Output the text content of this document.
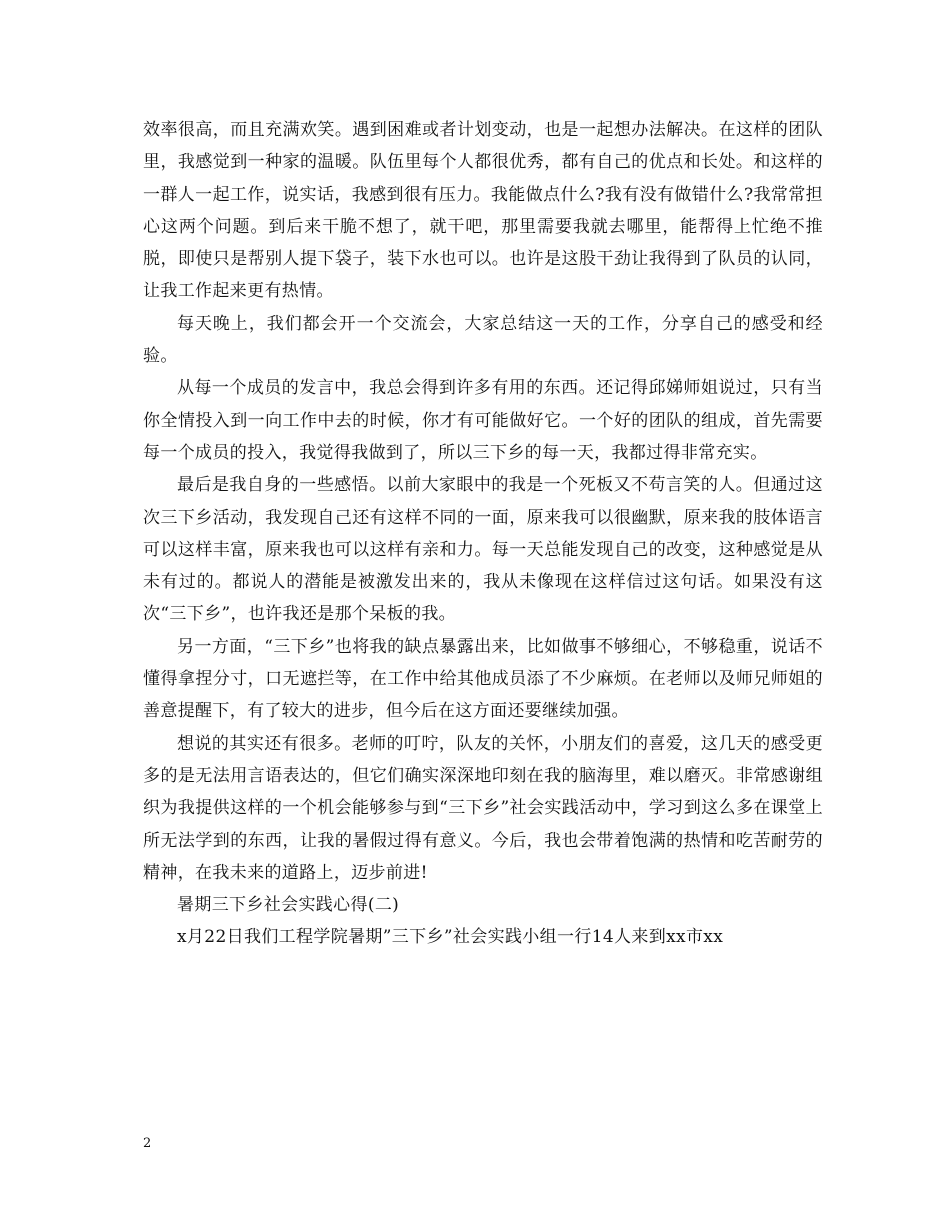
效率很高，而且充满欢笑。遇到困难或者计划变动，也是一起想办法解决。在这样的团队里，我感觉到一种家的温暖。队伍里每个人都很优秀，都有自己的优点和长处。和这样的一群人一起工作，说实话，我感到很有压力。我能做点什么?我有没有做错什么?我常常担心这两个问题。到后来干脆不想了，就干吧，那里需要我就去哪里，能帮得上忙绝不推脱，即使只是帮别人提下袋子，装下水也可以。也许是这股干劲让我得到了队员的认同，让我工作起来更有热情。

每天晚上，我们都会开一个交流会，大家总结这一天的工作，分享自己的感受和经验。

从每一个成员的发言中，我总会得到许多有用的东西。还记得邱娣师姐说过，只有当你全情投入到一向工作中去的时候，你才有可能做好它。一个好的团队的组成，首先需要每一个成员的投入，我觉得我做到了，所以三下乡的每一天，我都过得非常充实。

最后是我自身的一些感悟。以前大家眼中的我是一个死板又不苟言笑的人。但通过这次三下乡活动，我发现自己还有这样不同的一面，原来我可以很幽默，原来我的肢体语言可以这样丰富，原来我也可以这样有亲和力。每一天总能发现自己的改变，这种感觉是从未有过的。都说人的潜能是被激发出来的，我从未像现在这样信过这句话。如果没有这次“三下乡”，也许我还是那个呆板的我。

另一方面，“三下乡”也将我的缺点暴露出来，比如做事不够细心，不够稳重，说话不懂得拿捏分寸，口无遮拦等，在工作中给其他成员添了不少麻烦。在老师以及师兄师姐的善意提醒下，有了较大的进步，但今后在这方面还要继续加强。

想说的其实还有很多。老师的叮咛，队友的关怀，小朋友们的喜爱，这几天的感受更多的是无法用言语表达的，但它们确实深深地印刻在我的脑海里，难以磨灭。非常感谢组织为我提供这样的一个机会能够参与到“三下乡”社会实践活动中，学习到这么多在课堂上所无法学到的东西，让我的暑假过得有意义。今后，我也会带着饱满的热情和吃苦耐劳的精神，在我未来的道路上，迈步前进!

暑期三下乡社会实践心得(二)

x月22日我们工程学院暑期”三下乡”社会实践小组一行14人来到xx市xx

2
